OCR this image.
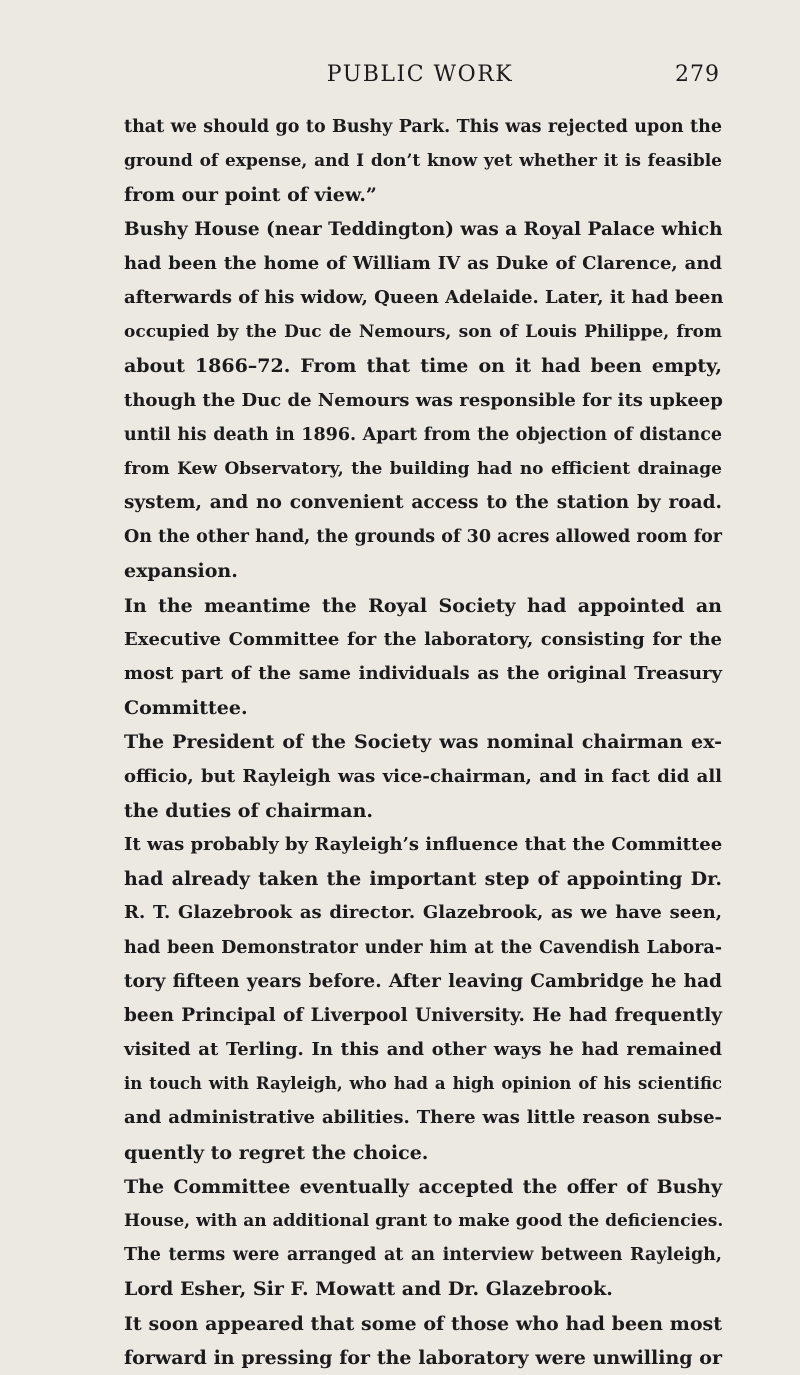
PUBLIC WORK	279
that we should go to Bushy Park. This was rejected upon the
ground of expense, and I don’t know yet whether it is feasible
from our point of view.”
Bushy House (near Teddington) was a Royal Palace which
had been the home of William IV as Duke of Clarence, and
afterwards of his widow, Queen Adelaide. Later, it had been
occupied by the Duc de Nemours, son of Louis Philippe, from
about 1866–72. From that time on it had been empty,
though the Duc de Nemours was responsible for its upkeep
until his death in 1896. Apart from the objection of distance
from Kew Observatory, the building had no efficient drainage
system, and no convenient access to the station by road.
On the other hand, the grounds of 30 acres allowed room for
expansion.
In the meantime the Royal Society had appointed an
Executive Committee for the laboratory, consisting for the
most part of the same individuals as the original Treasury
Committee.
The President of the Society was nominal chairman ex-
officio, but Rayleigh was vice-chairman, and in fact did all
the duties of chairman.
It was probably by Rayleigh’s influence that the Committee
had already taken the important step of appointing Dr.
R. T. Glazebrook as director. Glazebrook, as we have seen,
had been Demonstrator under him at the Cavendish Labora-
tory fifteen years before. After leaving Cambridge he had
been Principal of Liverpool University. He had frequently
visited at Terling. In this and other ways he had remained
in touch with Rayleigh, who had a high opinion of his scientific
and administrative abilities. There was little reason subse-
quently to regret the choice.
The Committee eventually accepted the offer of Bushy
House, with an additional grant to make good the deficiencies.
The terms were arranged at an interview between Rayleigh,
Lord Esher, Sir F. Mowatt and Dr. Glazebrook.
It soon appeared that some of those who had been most
forward in pressing for the laboratory were unwilling or
